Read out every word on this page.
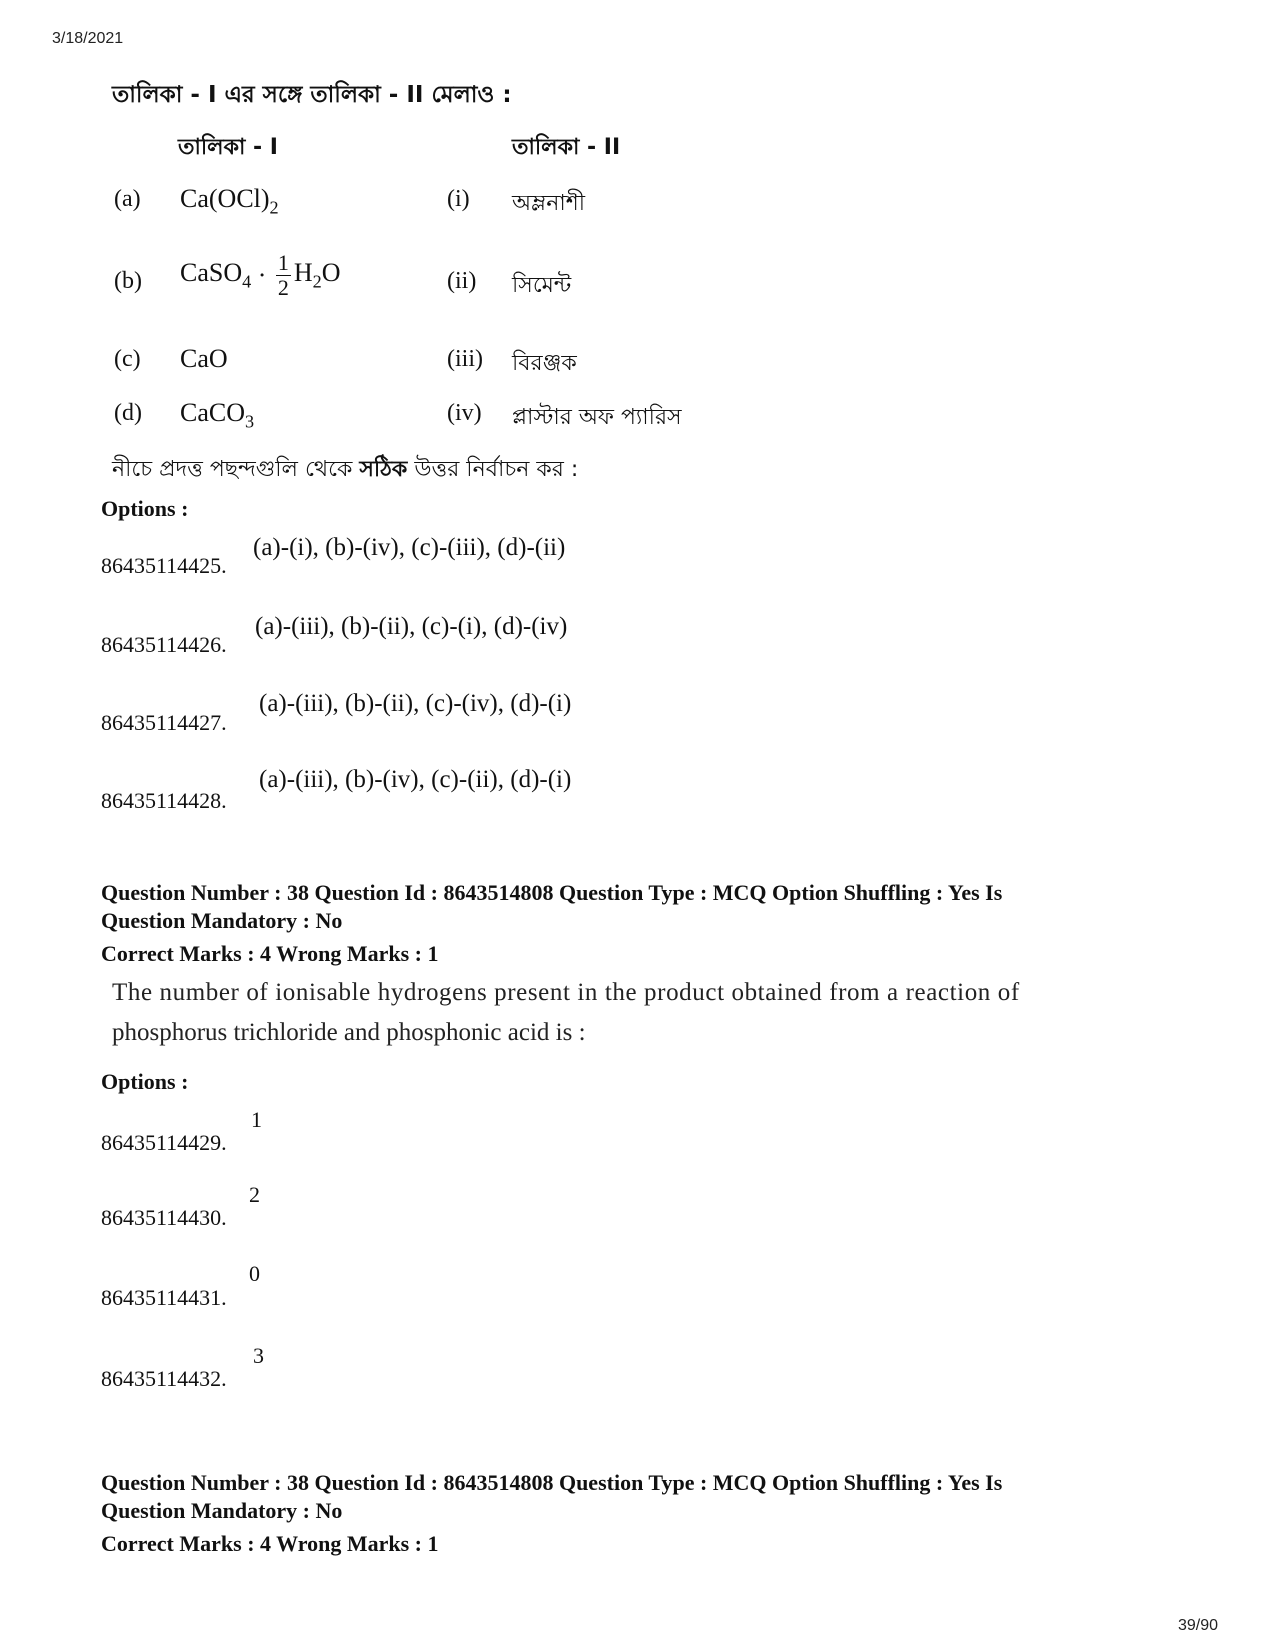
3/18/2021
39/90
তালিকা - I এর সঙ্গে তালিকা - II মেলাও :
তালিকা - I	তালিকা - II
(a) $Ca(OCl)_2$	(i) অম্লনাশী
(b) CaSO$_4$ · $\frac{1}{2} H_2O$	(ii) সিমেন্ট
(c) CaO	(iii) বিরঞ্জক
(d) CaCO$_3$	(iv) প্লাস্টার অফ প্যারিস
নীচে প্রদত্ত পছন্দগুলি থেকে সঠিক উত্তর নির্বাচন কর :
Options :
86435114425.
(a)-(i), (b)-(iv), (c)-(iii), (d)-(ii)
86435114426.
(a)-(iii), (b)-(ii), (c)-(i), (d)-(iv)
86435114427.
(a)-(iii), (b)-(ii), (c)-(iv), (d)-(i)
86435114428.
(a)-(iii), (b)-(iv), (c)-(ii), (d)-(i)
Question Number : 38 Question Id : 8643514808 Question Type : MCQ Option Shuffling : Yes Is
Question Mandatory : No
Correct Marks : 4 Wrong Marks : 1
The number of ionisable hydrogens present in the product obtained from a reaction of
phosphorus trichloride and phosphonic acid is :
Options :
86435114429.
1
86435114430.
2
86435114431.
0
86435114432.
3
Question Number : 38 Question Id : 8643514808 Question Type : MCQ Option Shuffling : Yes Is
Question Mandatory : No
Correct Marks : 4 Wrong Marks : 1
